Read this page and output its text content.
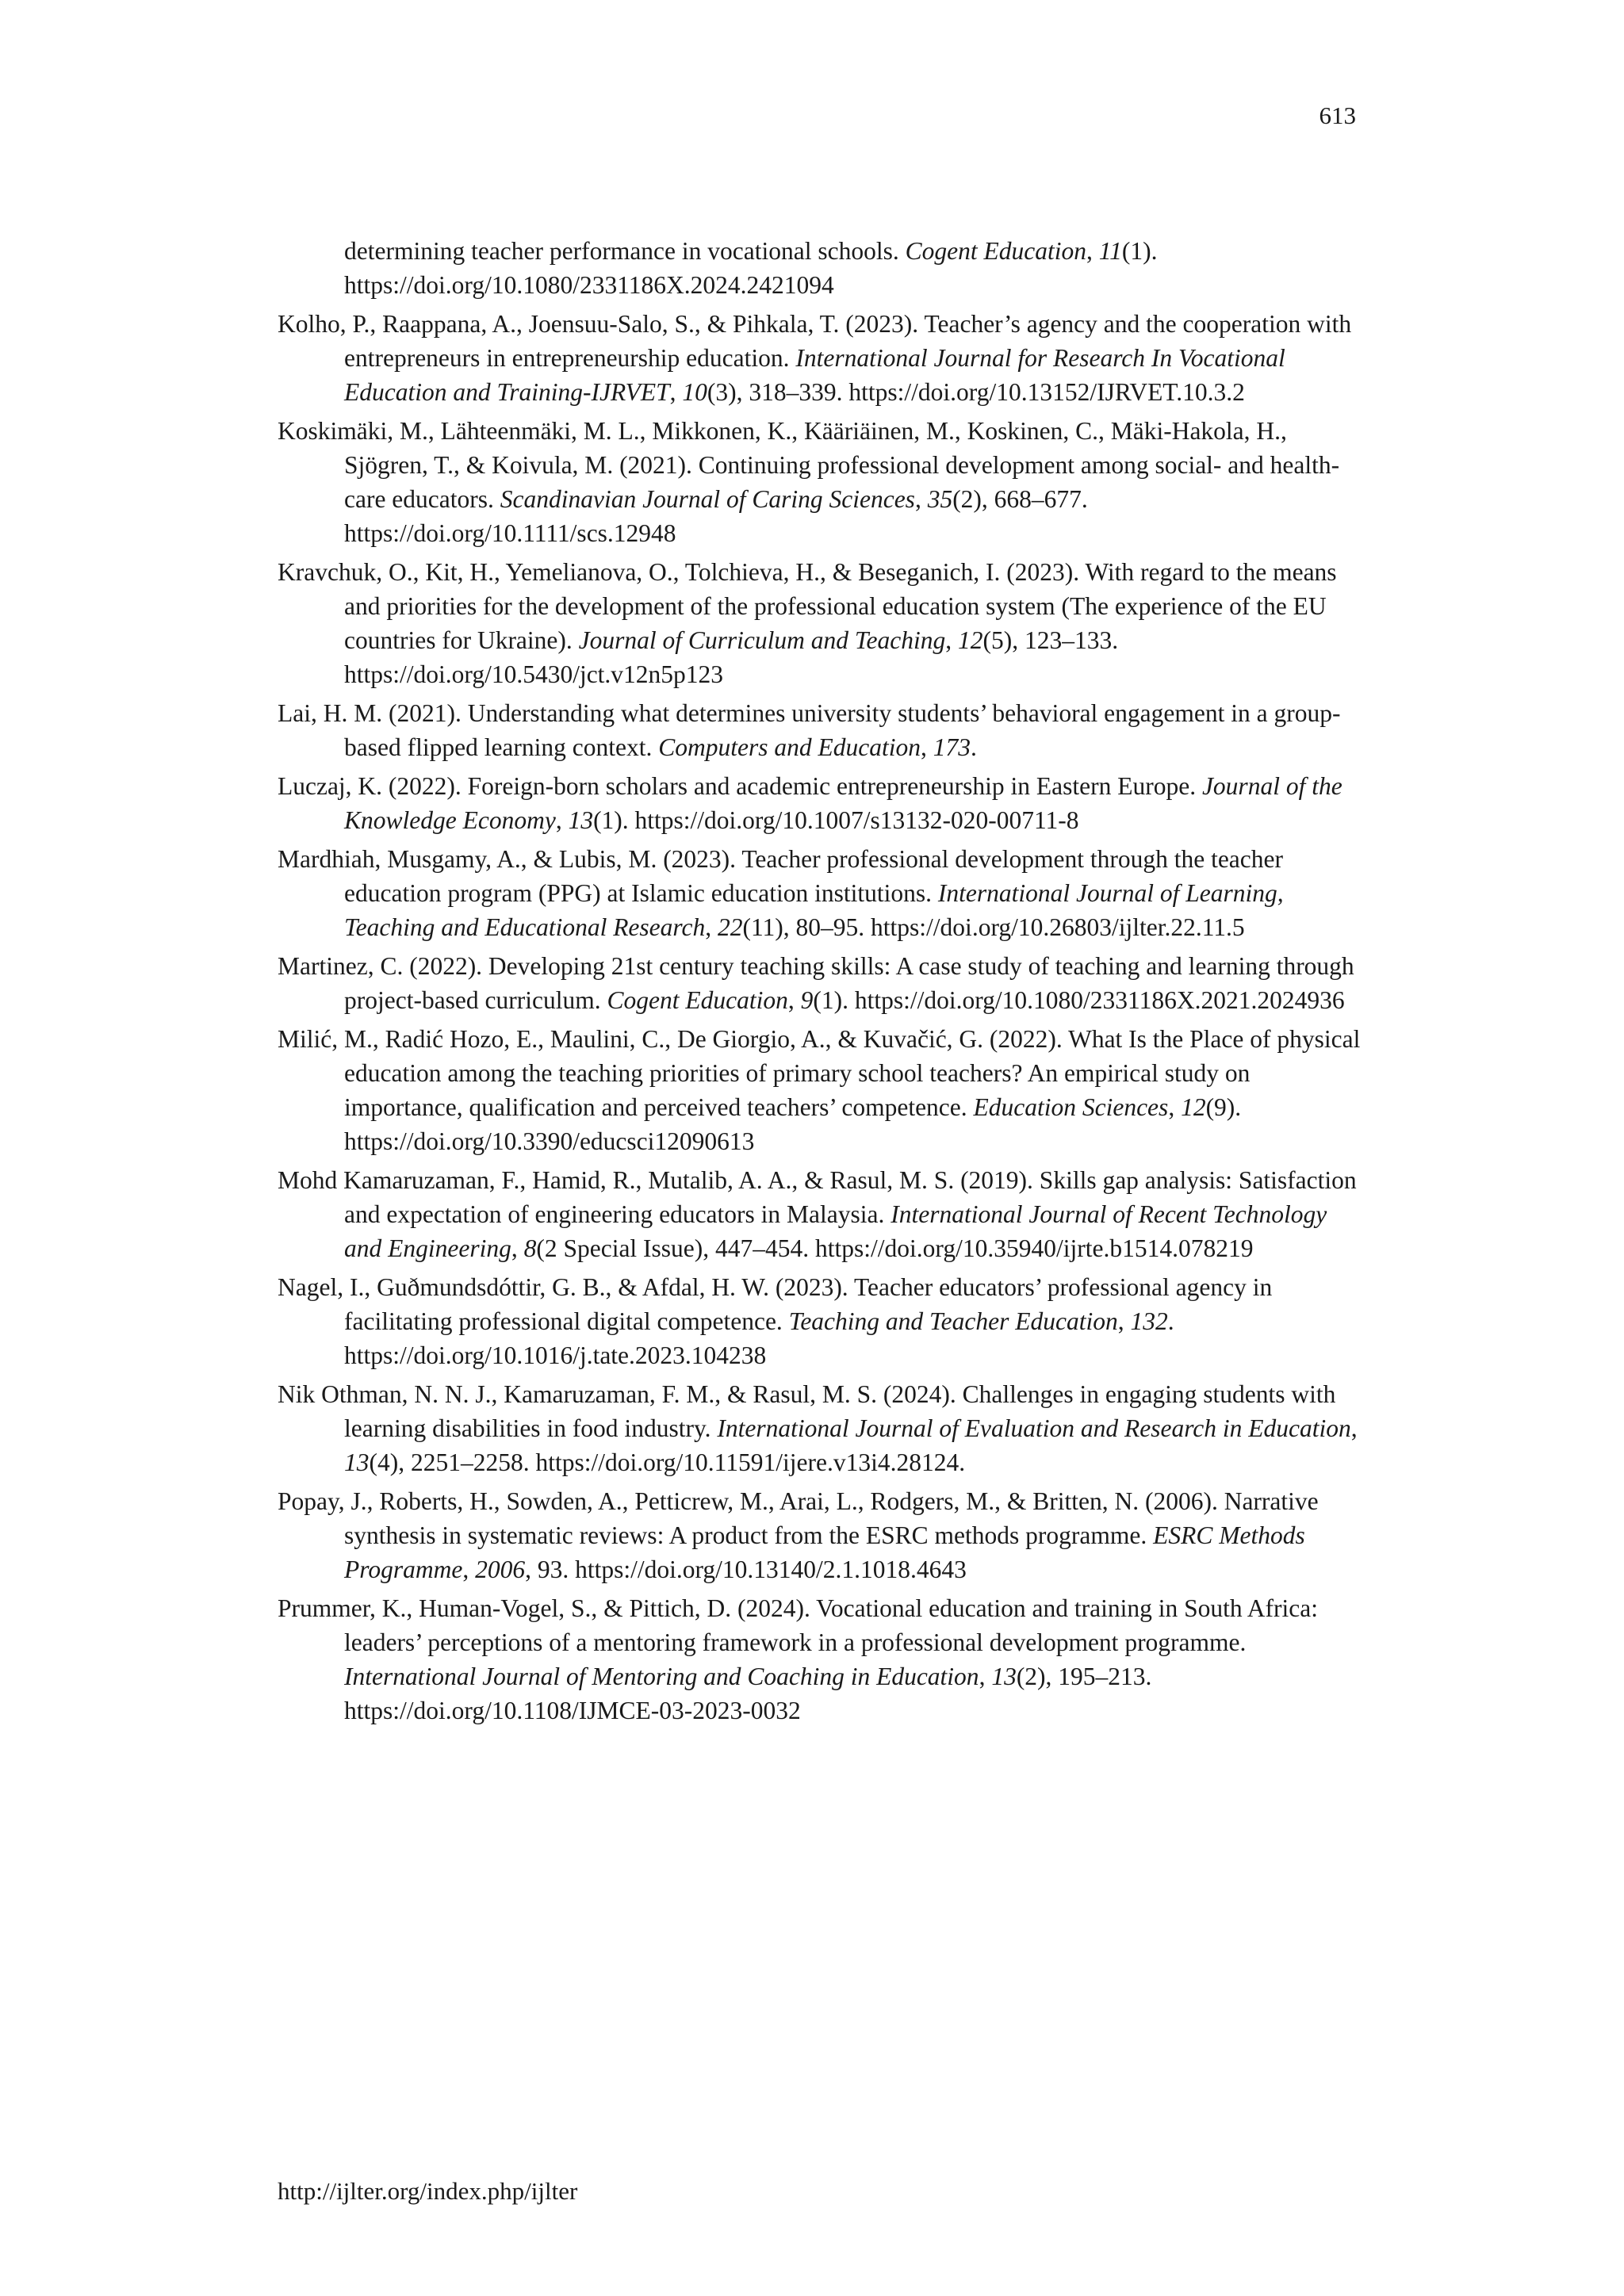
613

determining teacher performance in vocational schools. Cogent Education, 11(1). https://doi.org/10.1080/2331186X.2024.2421094

Kolho, P., Raappana, A., Joensuu-Salo, S., & Pihkala, T. (2023). Teacher’s agency and the cooperation with entrepreneurs in entrepreneurship education. International Journal for Research In Vocational Education and Training-IJRVET, 10(3), 318–339. https://doi.org/10.13152/IJRVET.10.3.2

Koskimäki, M., Lähteenmäki, M. L., Mikkonen, K., Kääriäinen, M., Koskinen, C., Mäki-Hakola, H., Sjögren, T., & Koivula, M. (2021). Continuing professional development among social- and health-care educators. Scandinavian Journal of Caring Sciences, 35(2), 668–677. https://doi.org/10.1111/scs.12948

Kravchuk, O., Kit, H., Yemelianova, O., Tolchieva, H., & Beseganich, I. (2023). With regard to the means and priorities for the development of the professional education system (The experience of the EU countries for Ukraine). Journal of Curriculum and Teaching, 12(5), 123–133. https://doi.org/10.5430/jct.v12n5p123

Lai, H. M. (2021). Understanding what determines university students’ behavioral engagement in a group-based flipped learning context. Computers and Education, 173.

Luczaj, K. (2022). Foreign-born scholars and academic entrepreneurship in Eastern Europe. Journal of the Knowledge Economy, 13(1). https://doi.org/10.1007/s13132-020-00711-8

Mardhiah, Musgamy, A., & Lubis, M. (2023). Teacher professional development through the teacher education program (PPG) at Islamic education institutions. International Journal of Learning, Teaching and Educational Research, 22(11), 80–95. https://doi.org/10.26803/ijlter.22.11.5

Martinez, C. (2022). Developing 21st century teaching skills: A case study of teaching and learning through project-based curriculum. Cogent Education, 9(1). https://doi.org/10.1080/2331186X.2021.2024936

Milić, M., Radić Hozo, E., Maulini, C., De Giorgio, A., & Kuvačić, G. (2022). What Is the Place of physical education among the teaching priorities of primary school teachers? An empirical study on importance, qualification and perceived teachers’ competence. Education Sciences, 12(9). https://doi.org/10.3390/educsci12090613

Mohd Kamaruzaman, F., Hamid, R., Mutalib, A. A., & Rasul, M. S. (2019). Skills gap analysis: Satisfaction and expectation of engineering educators in Malaysia. International Journal of Recent Technology and Engineering, 8(2 Special Issue), 447–454. https://doi.org/10.35940/ijrte.b1514.078219

Nagel, I., Guðmundsdóttir, G. B., & Afdal, H. W. (2023). Teacher educators’ professional agency in facilitating professional digital competence. Teaching and Teacher Education, 132. https://doi.org/10.1016/j.tate.2023.104238

Nik Othman, N. N. J., Kamaruzaman, F. M., & Rasul, M. S. (2024). Challenges in engaging students with learning disabilities in food industry. International Journal of Evaluation and Research in Education, 13(4), 2251–2258. https://doi.org/10.11591/ijere.v13i4.28124.

Popay, J., Roberts, H., Sowden, A., Petticrew, M., Arai, L., Rodgers, M., & Britten, N. (2006). Narrative synthesis in systematic reviews: A product from the ESRC methods programme. ESRC Methods Programme, 2006, 93. https://doi.org/10.13140/2.1.1018.4643

Prummer, K., Human-Vogel, S., & Pittich, D. (2024). Vocational education and training in South Africa: leaders’ perceptions of a mentoring framework in a professional development programme. International Journal of Mentoring and Coaching in Education, 13(2), 195–213. https://doi.org/10.1108/IJMCE-03-2023-0032

http://ijlter.org/index.php/ijlter
